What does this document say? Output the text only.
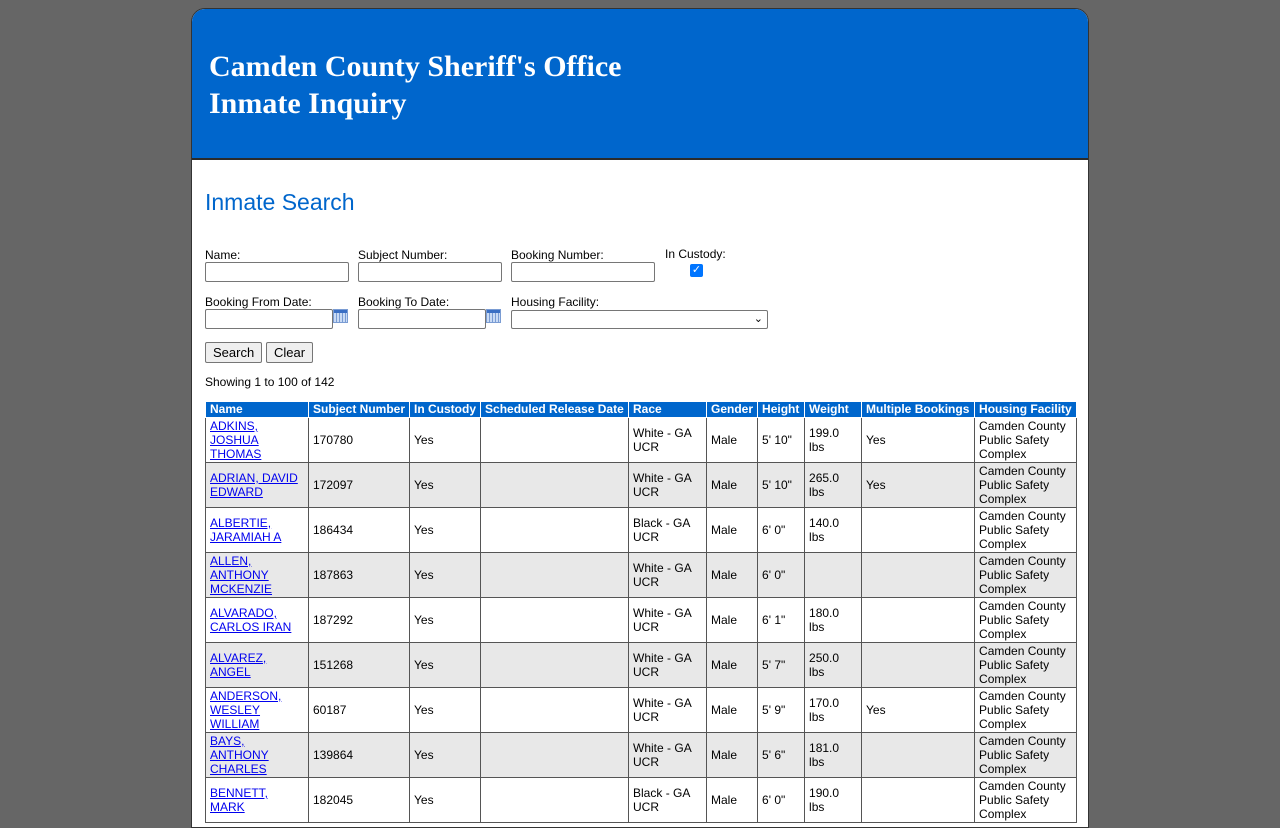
Camden County Sheriff's Office
Inmate Inquiry
Inmate Search
Name:	Subject Number:	Booking Number:	In Custody:
✓
Booking From Date:	Booking To Date:	Housing Facility:
⌄
Search	Clear
Showing 1 to 100 of 142
Name	Subject Number	In Custody	Scheduled Release Date	Race	Gender	Height	Weight	Multiple Bookings	Housing Facility
ADKINS, JOSHUA THOMAS	170780	Yes		White - GA UCR	Male	5' 10"	199.0 lbs	Yes	Camden County Public Safety Complex
ADRIAN, DAVID EDWARD	172097	Yes		White - GA UCR	Male	5' 10"	265.0 lbs	Yes	Camden County Public Safety Complex
ALBERTIE, JARAMIAH A	186434	Yes		Black - GA UCR	Male	6' 0"	140.0 lbs		Camden County Public Safety Complex
ALLEN, ANTHONY MCKENZIE	187863	Yes		White - GA UCR	Male	6' 0"			Camden County Public Safety Complex
ALVARADO, CARLOS IRAN	187292	Yes		White - GA UCR	Male	6' 1"	180.0 lbs		Camden County Public Safety Complex
ALVAREZ, ANGEL	151268	Yes		White - GA UCR	Male	5' 7"	250.0 lbs		Camden County Public Safety Complex
ANDERSON, WESLEY WILLIAM	60187	Yes		White - GA UCR	Male	5' 9"	170.0 lbs	Yes	Camden County Public Safety Complex
BAYS, ANTHONY CHARLES	139864	Yes		White - GA UCR	Male	5' 6"	181.0 lbs		Camden County Public Safety Complex
BENNETT, MARK	182045	Yes		Black - GA UCR	Male	6' 0"	190.0 lbs		Camden County Public Safety Complex
